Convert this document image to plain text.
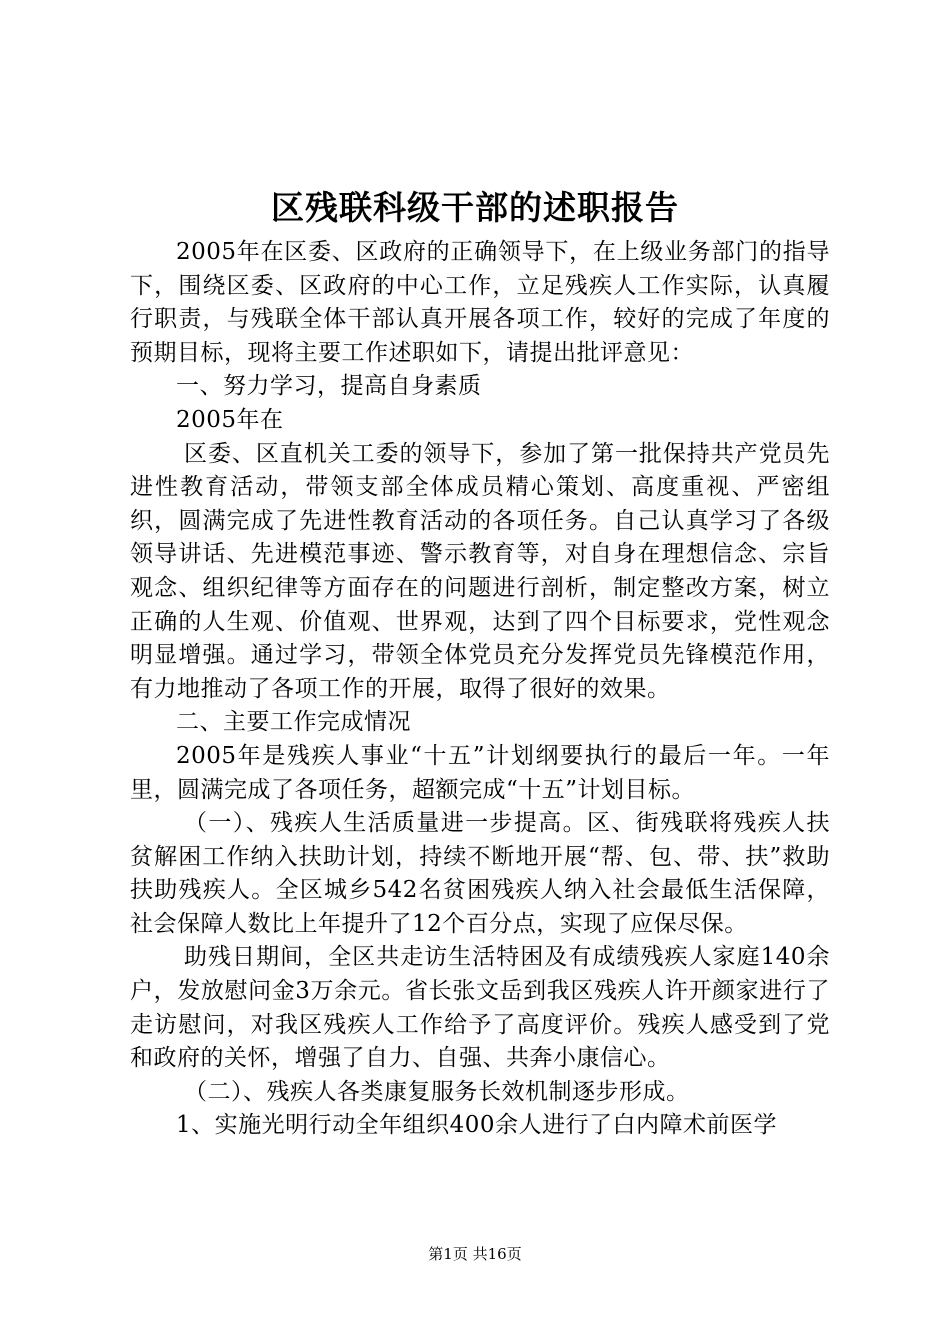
区残联科级干部的述职报告

2005年在区委、区政府的正确领导下，在上级业务部门的指导下，围绕区委、区政府的中心工作，立足残疾人工作实际，认真履行职责，与残联全体干部认真开展各项工作，较好的完成了年度的预期目标，现将主要工作述职如下，请提出批评意见：

一、努力学习，提高自身素质

2005年在

区委、区直机关工委的领导下，参加了第一批保持共产党员先进性教育活动，带领支部全体成员精心策划、高度重视、严密组织，圆满完成了先进性教育活动的各项任务。自己认真学习了各级领导讲话、先进模范事迹、警示教育等，对自身在理想信念、宗旨观念、组织纪律等方面存在的问题进行剖析，制定整改方案，树立正确的人生观、价值观、世界观，达到了四个目标要求，党性观念明显增强。通过学习，带领全体党员充分发挥党员先锋模范作用，有力地推动了各项工作的开展，取得了很好的效果。

二、主要工作完成情况

2005年是残疾人事业“十五”计划纲要执行的最后一年。一年里，圆满完成了各项任务，超额完成“十五”计划目标。

（一）、残疾人生活质量进一步提高。区、街残联将残疾人扶贫解困工作纳入扶助计划，持续不断地开展“帮、包、带、扶”救助扶助残疾人。全区城乡542名贫困残疾人纳入社会最低生活保障，社会保障人数比上年提升了12个百分点，实现了应保尽保。

助残日期间，全区共走访生活特困及有成绩残疾人家庭140余户，发放慰问金3万余元。省长张文岳到我区残疾人许开颜家进行了走访慰问，对我区残疾人工作给予了高度评价。残疾人感受到了党和政府的关怀，增强了自力、自强、共奔小康信心。

（二）、残疾人各类康复服务长效机制逐步形成。

1、实施光明行动全年组织400余人进行了白内障术前医学

第1页 共16页
